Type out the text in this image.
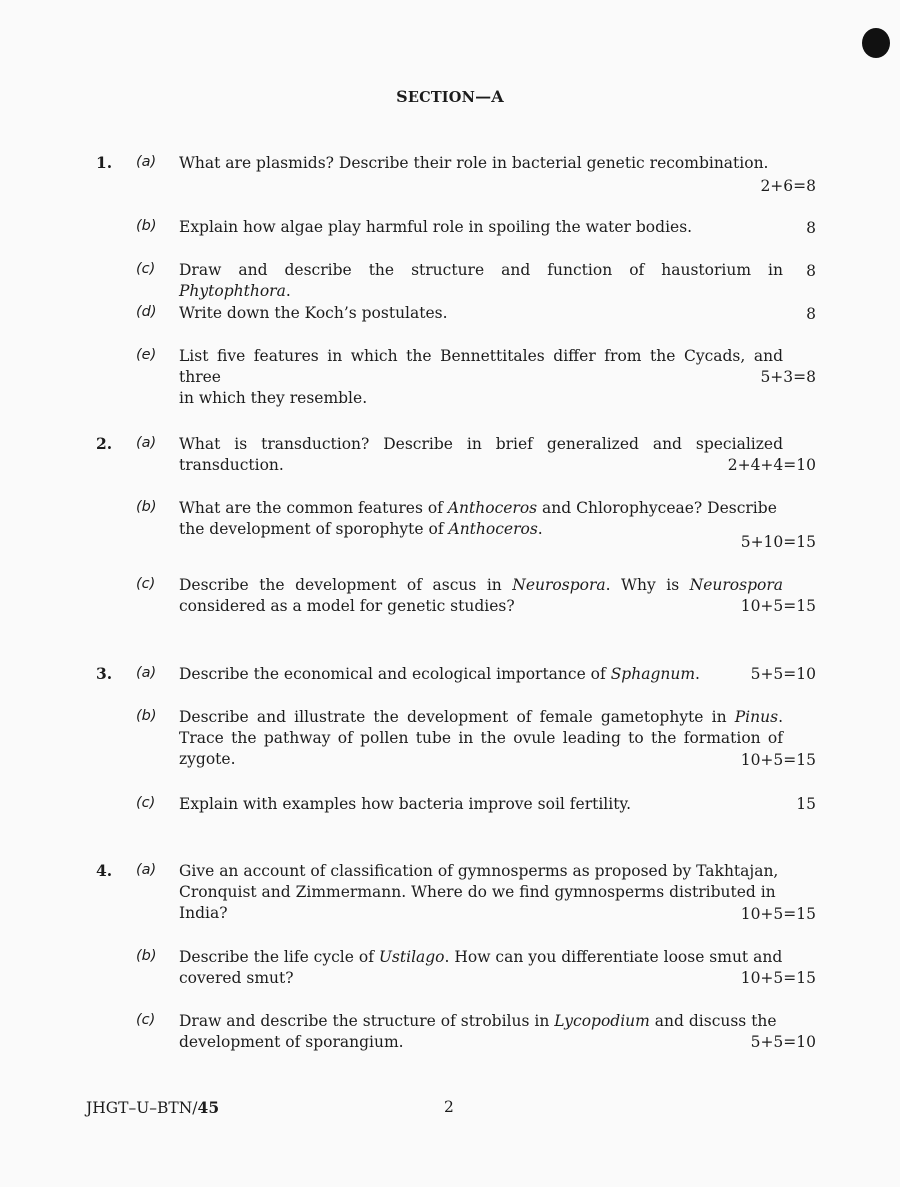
SECTION—A
1. (a) What are plasmids? Describe their role in bacterial genetic recombination.
2+6=8
(b) Explain how algae play harmful role in spoiling the water bodies.	8
(c) Draw and describe the structure and function of haustorium in Phytophthora.
8
(d) Write down the Koch’s postulates.	8
(e) List five features in which the Bennettitales differ from the Cycads, and three
in which they resemble.
5+3=8
2. (a) What is transduction? Describe in brief generalized and specialized
transduction.	2+4+4=10
(b) What are the common features of Anthoceros and Chlorophyceae? Describe
the development of sporophyte of Anthoceros.
5+10=15
(c) Describe the development of ascus in Neurospora. Why is Neurospora
considered as a model for genetic studies?	10+5=15
3. (a) Describe the economical and ecological importance of Sphagnum.	5+5=10
(b) Describe and illustrate the development of female gametophyte in Pinus.
Trace the pathway of pollen tube in the ovule leading to the formation of
zygote.	10+5=15
(c) Explain with examples how bacteria improve soil fertility.	15
4. (a) Give an account of classification of gymnosperms as proposed by Takhtajan,
Cronquist and Zimmermann. Where do we find gymnosperms distributed in
India?	10+5=15
(b) Describe the life cycle of Ustilago. How can you differentiate loose smut and
covered smut?	10+5=15
(c) Draw and describe the structure of strobilus in Lycopodium and discuss the
development of sporangium.	5+5=10
JHGT–U–BTN/45	2
